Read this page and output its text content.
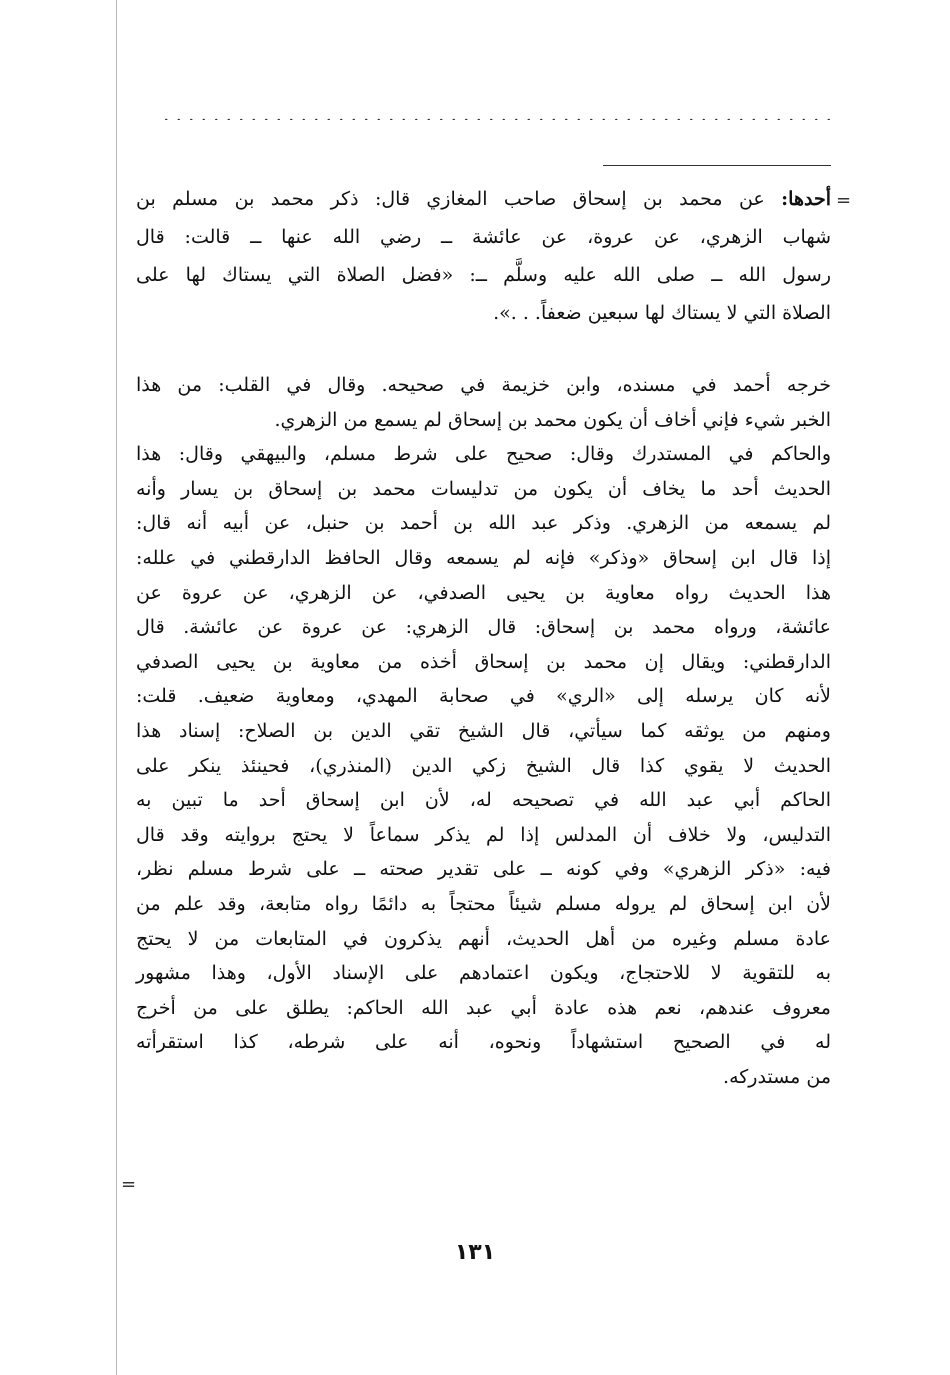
=
أحدها: عن محمد بن إسحاق صاحب المغازي قال: ذكر محمد بن مسلم بن
شهاب الزهري، عن عروة، عن عائشة ــ رضي الله عنها ــ قالت: قال
رسول الله ــ صلى الله عليه وسلَّم ــ: «فضل الصلاة التي يستاك لها على
الصلاة التي لا يستاك لها سبعين ضعفاً. . .».
خرجه أحمد في مسنده، وابن خزيمة في صحيحه. وقال في القلب: من هذا
الخبر شيء فإني أخاف أن يكون محمد بن إسحاق لم يسمع من الزهري.
والحاكم في المستدرك وقال: صحيح على شرط مسلم، والبيهقي وقال: هذا
الحديث أحد ما يخاف أن يكون من تدليسات محمد بن إسحاق بن يسار وأنه
لم يسمعه من الزهري. وذكر عبد الله بن أحمد بن حنبل، عن أبيه أنه قال:
إذا قال ابن إسحاق «وذكر» فإنه لم يسمعه وقال الحافظ الدارقطني في علله:
هذا الحديث رواه معاوية بن يحيى الصدفي، عن الزهري، عن عروة عن
عائشة، ورواه محمد بن إسحاق: قال الزهري: عن عروة عن عائشة. قال
الدارقطني: ويقال إن محمد بن إسحاق أخذه من معاوية بن يحيى الصدفي
لأنه كان يرسله إلى «الري» في صحابة المهدي، ومعاوية ضعيف. قلت:
ومنهم من يوثقه كما سيأتي، قال الشيخ تقي الدين بن الصلاح: إسناد هذا
الحديث لا يقوي كذا قال الشيخ زكي الدين (المنذري)، فحينئذ ينكر على
الحاكم أبي عبد الله في تصحيحه له، لأن ابن إسحاق أحد ما تبين به
التدليس، ولا خلاف أن المدلس إذا لم يذكر سماعاً لا يحتج بروايته وقد قال
فيه: «ذكر الزهري» وفي كونه ــ على تقدير صحته ــ على شرط مسلم نظر،
لأن ابن إسحاق لم يروله مسلم شيئاً محتجاً به دائمًا رواه متابعة، وقد علم من
عادة مسلم وغيره من أهل الحديث، أنهم يذكرون في المتابعات من لا يحتج
به للتقوية لا للاحتجاج، ويكون اعتمادهم على الإسناد الأول، وهذا مشهور
معروف عندهم، نعم هذه عادة أبي عبد الله الحاكم: يطلق على من أخرج
له في الصحيح استشهاداً ونحوه، أنه على شرطه، كذا استقرأته
من مستدركه.
=
١٣١
